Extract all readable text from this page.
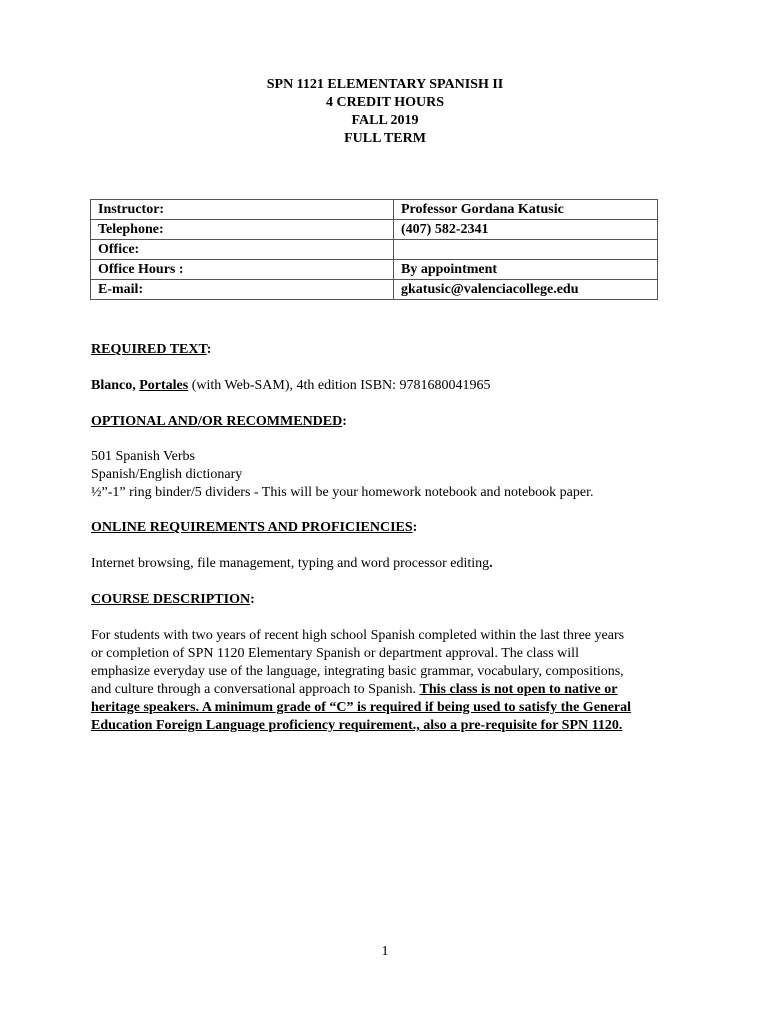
SPN 1121 ELEMENTARY SPANISH II
4 CREDIT HOURS
FALL 2019
FULL TERM
Instructor:	Professor Gordana Katusic
Telephone:	(407) 582-2341
Office:	
Office Hours :	By appointment
E-mail:	gkatusic@valenciacollege.edu
REQUIRED TEXT:
Blanco, Portales (with Web-SAM), 4th edition ISBN: 9781680041965
OPTIONAL AND/OR RECOMMENDED:
501 Spanish Verbs
Spanish/English dictionary
½”-1” ring binder/5 dividers - This will be your homework notebook and notebook paper.
ONLINE REQUIREMENTS AND PROFICIENCIES:
Internet browsing, file management, typing and word processor editing.
COURSE DESCRIPTION:
For students with two years of recent high school Spanish completed within the last three years
or completion of SPN 1120 Elementary Spanish or department approval. The class will
emphasize everyday use of the language, integrating basic grammar, vocabulary, compositions,
and culture through a conversational approach to Spanish. This class is not open to native or
heritage speakers. A minimum grade of “C” is required if being used to satisfy the General
Education Foreign Language proficiency requirement., also a pre-requisite for SPN 1120.
1
